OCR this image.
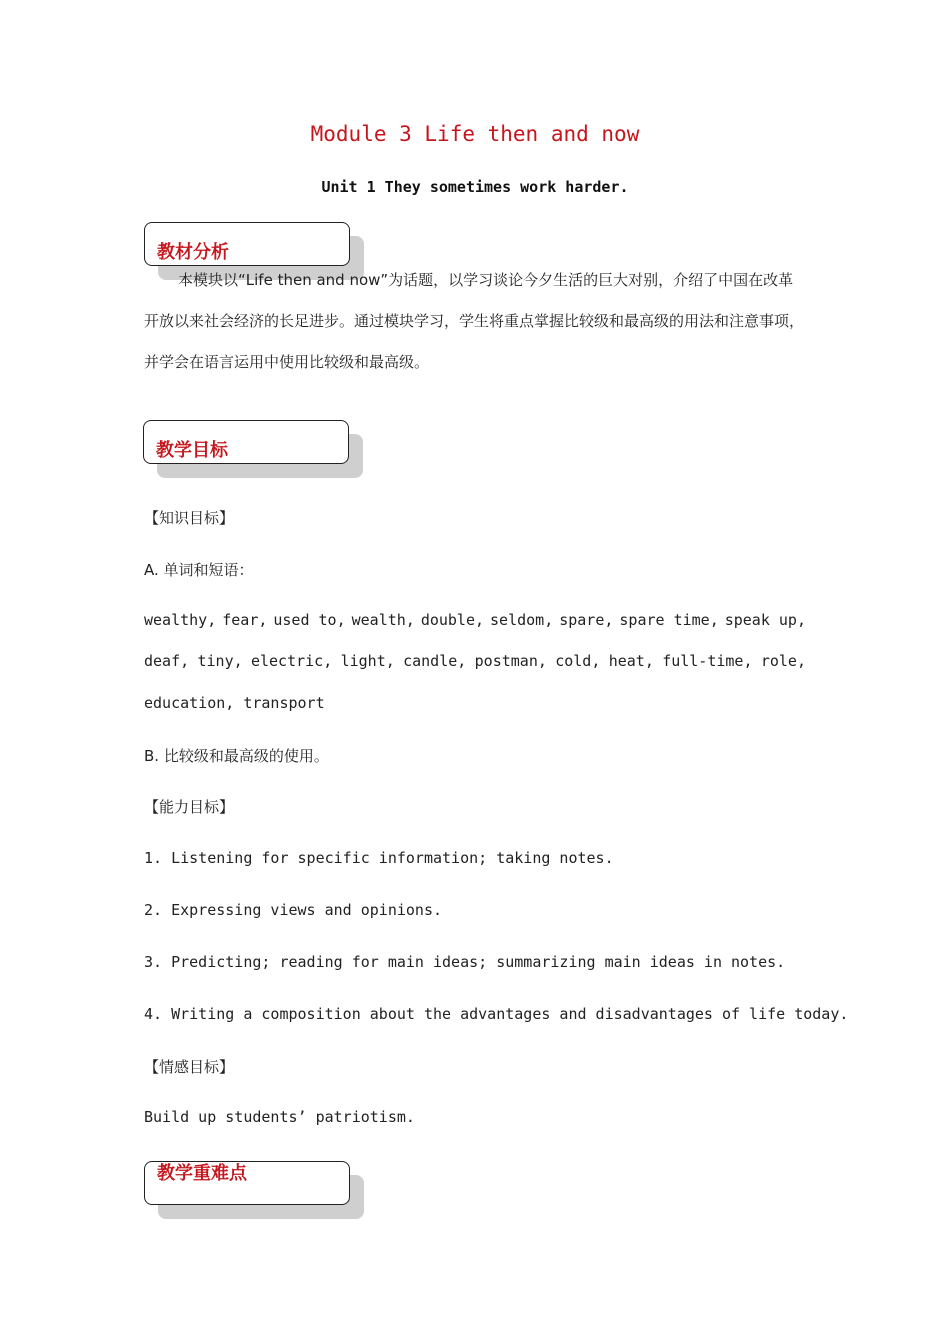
Module 3 Life then and now
Unit 1 They sometimes work harder.
教材分析
本模块以“Life then and now”为话题，以学习谈论今夕生活的巨大对别，介绍了中国在改革开放以来社会经济的长足进步。通过模块学习，学生将重点掌握比较级和最高级的用法和注意事项，并学会在语言运用中使用比较级和最高级。
教学目标
【知识目标】
A. 单词和短语：
wealthy, fear, used to, wealth, double, seldom, spare, spare time, speak up,
deaf, tiny, electric, light, candle, postman, cold, heat, full-time, role,
education, transport
B. 比较级和最高级的使用。
【能力目标】
1. Listening for specific information; taking notes.
2. Expressing views and opinions.
3. Predicting; reading for main ideas; summarizing main ideas in notes.
4. Writing a composition about the advantages and disadvantages of life today.
【情感目标】
Build up students’ patriotism.
教学重难点
